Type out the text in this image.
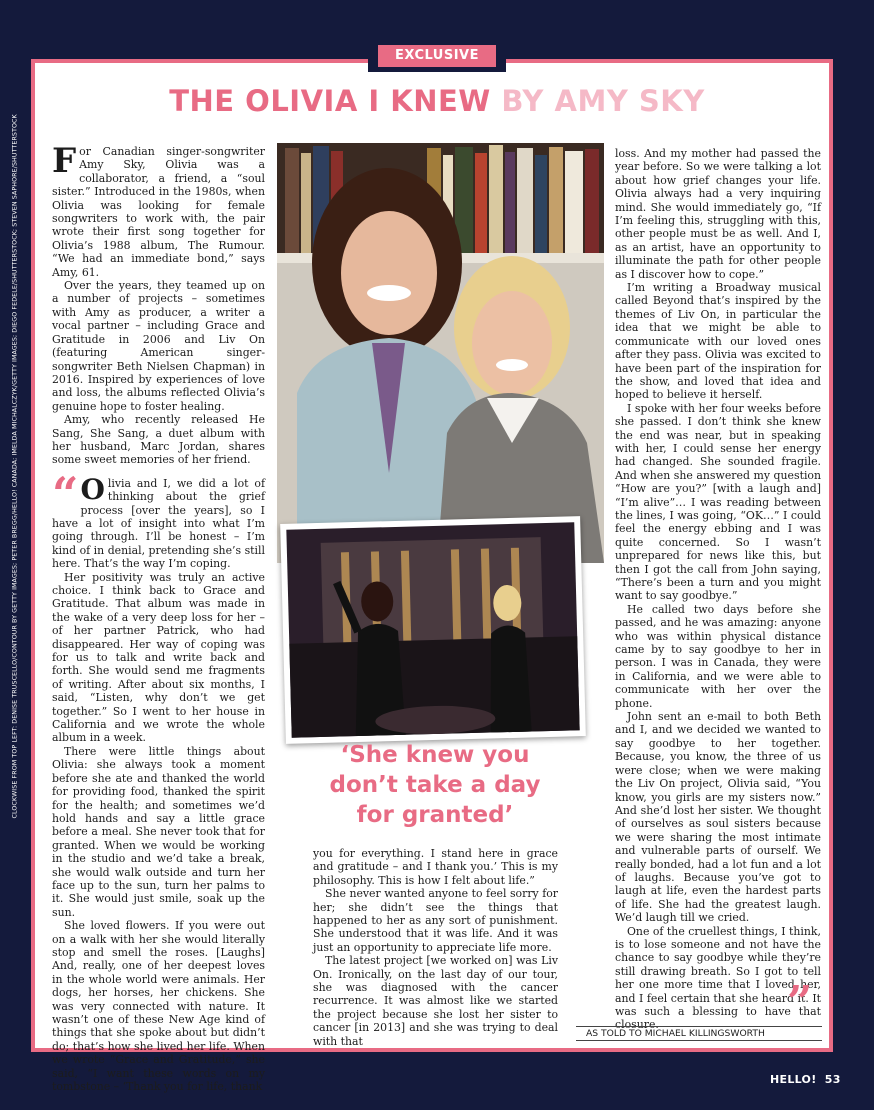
CLOCKWISE FROM TOP LEFT: DENISE TRUSCELLO/CONTOUR BY GETTY IMAGES; PETER BREGG/HELLO! CANADA; IMELDA MICHALCZYK/GETTY IMAGES; DIEGO FEDELE/SHUTTERSTOCK; STEVEN SAPHORE/SHUTTERSTOCK
EXCLUSIVE
THE OLIVIA I KNEW BY AMY SKY

For Canadian singer-songwriter Amy Sky, Olivia was a collaborator, a friend, a “soul sister.” Introduced in the 1980s, when Olivia was looking for female songwriters to work with, the pair wrote their first song together for Olivia’s 1988 album, The Rumour. “We had an immediate bond,” says Amy, 61.

Over the years, they teamed up on a number of projects – sometimes with Amy as producer, a writer a vocal partner – including Grace and Gratitude in 2006 and Liv On (featuring American singer-songwriter Beth Nielsen Chapman) in 2016. Inspired by experiences of love and loss, the albums reflected Olivia’s genuine hope to foster healing.

Amy, who recently released He Sang, She Sang, a duet album with her husband, Marc Jordan, shares some sweet memories of her friend.

“ O livia and I, we did a lot of thinking about the grief process [over the years], so I have a lot of insight into what I’m going through. I’ll be honest – I’m kind of in denial, pretending she’s still here. That’s the way I’m coping.

Her positivity was truly an active choice. I think back to Grace and Gratitude. That album was made in the wake of a very deep loss for her – of her partner Patrick, who had disappeared. Her way of coping was for us to talk and write back and forth. She would send me fragments of writing. After about six months, I said, “Listen, why don’t we get together.” So I went to her house in California and we wrote the whole album in a week.

There were little things about Olivia: she always took a moment before she ate and thanked the world for providing food, thanked the spirit for the health; and sometimes we’d hold hands and say a little grace before a meal. She never took that for granted. When we would be working in the studio and we’d take a break, she would walk outside and turn her face up to the sun, turn her palms to it. She would just smile, soak up the sun.

She loved flowers. If you were out on a walk with her she would literally stop and smell the roses. [Laughs] And, really, one of her deepest loves in the whole world were animals. Her dogs, her horses, her chickens. She was very connected with nature. It wasn’t one of these New Age kind of things that she spoke about but didn’t do; that’s how she lived her life. When we wrote “Grace and Gratitude,” she said, “I want these words on my tombstone – ‘Thank you for life, thank

you for everything. I stand here in grace and gratitude – and I thank you.’ This is my philosophy. This is how I felt about life.”

She never wanted anyone to feel sorry for her; she didn’t see the things that happened to her as any sort of punishment. She understood that it was life. And it was just an opportunity to appreciate life more.

The latest project [we worked on] was Liv On. Ironically, on the last day of our tour, she was diagnosed with the cancer recurrence. It was almost like we started the project because she lost her sister to cancer [in 2013] and she was trying to deal with that

‘She knew you don’t take a day for granted’

loss. And my mother had passed the year before. So we were talking a lot about how grief changes your life. Olivia always had a very inquiring mind. She would immediately go, “If I’m feeling this, struggling with this, other people must be as well. And I, as an artist, have an opportunity to illuminate the path for other people as I discover how to cope.”

I’m writing a Broadway musical called Beyond that’s inspired by the themes of Liv On, in particular the idea that we might be able to communicate with our loved ones after they pass. Olivia was excited to have been part of the inspiration for the show, and loved that idea and hoped to believe it herself.

I spoke with her four weeks before she passed. I don’t think she knew the end was near, but in speaking with her, I could sense her energy had changed. She sounded fragile. And when she answered my question “How are you?” [with a laugh and] “I’m alive”… I was reading between the lines, I was going, “OK…” I could feel the energy ebbing and I was quite concerned. So I wasn’t unprepared for news like this, but then I got the call from John saying, “There’s been a turn and you might want to say goodbye.”

He called two days before she passed, and he was amazing: anyone who was within physical distance came by to say goodbye to her in person. I was in Canada, they were in California, and we were able to communicate with her over the phone.

John sent an e-mail to both Beth and I, and we decided we wanted to say goodbye to her together. Because, you know, the three of us were close; when we were making the Liv On project, Olivia said, “You know, you girls are my sisters now.” And she’d lost her sister. We thought of ourselves as soul sisters because we were sharing the most intimate and vulnerable parts of ourself. We really bonded, had a lot fun and a lot of laughs. Because you’ve got to laugh at life, even the hardest parts of life. She had the greatest laugh. We’d laugh till we cried.

One of the cruellest things, I think, is to lose someone and not have the chance to say goodbye while they’re still drawing breath. So I got to tell her one more time that I loved her, and I feel certain that she heard it. It was such a blessing to have that closure.	”
AS TOLD TO MICHAEL KILLINGSWORTH
HELLO! 53
